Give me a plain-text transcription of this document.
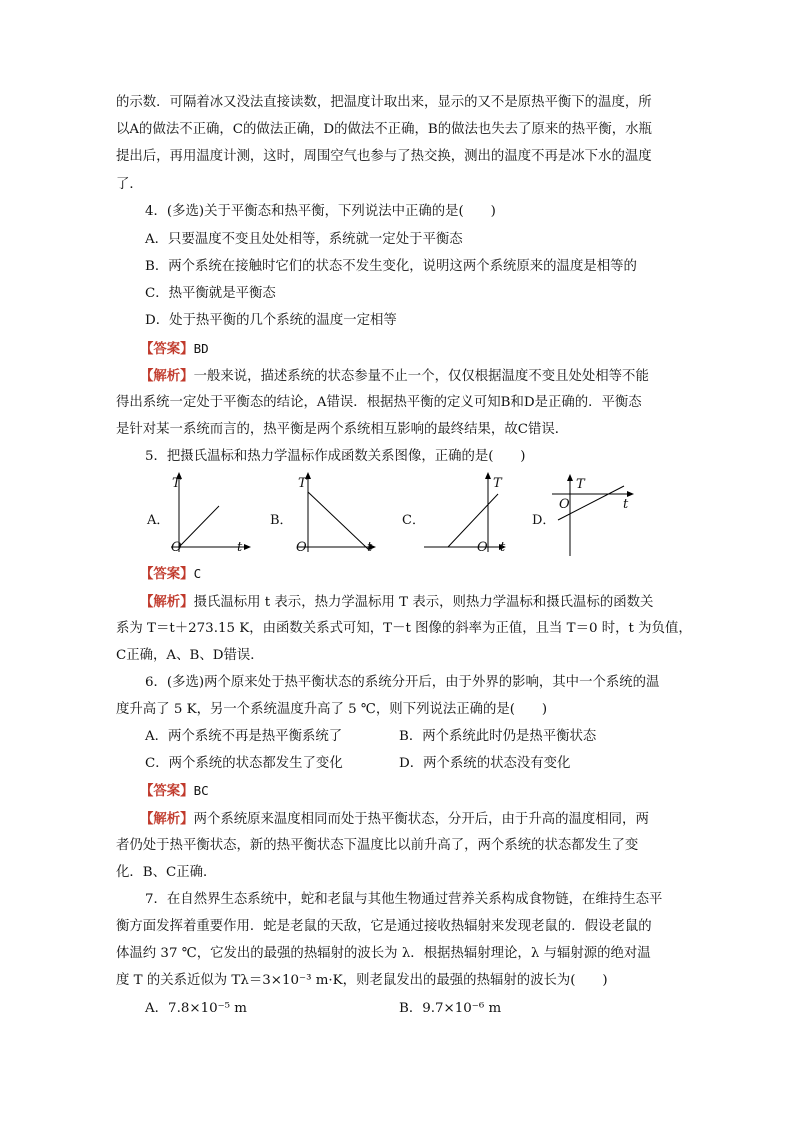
的示数．可隔着冰又没法直接读数，把温度计取出来，显示的又不是原热平衡下的温度，所
以A的做法不正确，C的做法正确，D的做法不正确，B的做法也失去了原来的热平衡，水瓶
提出后，再用温度计测，这时，周围空气也参与了热交换，测出的温度不再是冰下水的温度
了．
4．(多选)关于平衡态和热平衡，下列说法中正确的是(　　)
A．只要温度不变且处处相等，系统就一定处于平衡态
B．两个系统在接触时它们的状态不发生变化，说明这两个系统原来的温度是相等的
C．热平衡就是平衡态
D．处于热平衡的几个系统的温度一定相等
【答案】BD
【解析】一般来说，描述系统的状态参量不止一个，仅仅根据温度不变且处处相等不能
得出系统一定处于平衡态的结论，A错误．根据热平衡的定义可知B和D是正确的．平衡态
是针对某一系统而言的，热平衡是两个系统相互影响的最终结果，故C错误．
5．把摄氏温标和热力学温标作成函数关系图像，正确的是(　　)
A．
T
O	t
B．
T
O	t
C．
T
O t
D．
T
O	t
【答案】C
【解析】摄氏温标用 t 表示，热力学温标用 T 表示，则热力学温标和摄氏温标的函数关
系为 T＝t＋273.15 K，由函数关系式可知，T－t 图像的斜率为正值，且当 T＝0 时，t 为负值，
C正确，A、B、D错误．
6．(多选)两个原来处于热平衡状态的系统分开后，由于外界的影响，其中一个系统的温
度升高了 5 K，另一个系统温度升高了 5 ℃，则下列说法正确的是(　　)
A．两个系统不再是热平衡系统了	B．两个系统此时仍是热平衡状态
C．两个系统的状态都发生了变化	D．两个系统的状态没有变化
【答案】BC
【解析】两个系统原来温度相同而处于热平衡状态，分开后，由于升高的温度相同，两
者仍处于热平衡状态，新的热平衡状态下温度比以前升高了，两个系统的状态都发生了变
化．B、C正确．
7．在自然界生态系统中，蛇和老鼠与其他生物通过营养关系构成食物链，在维持生态平
衡方面发挥着重要作用．蛇是老鼠的天敌，它是通过接收热辐射来发现老鼠的．假设老鼠的
体温约 37 ℃，它发出的最强的热辐射的波长为 λ．根据热辐射理论，λ 与辐射源的绝对温
度 T 的关系近似为 Tλ＝3×10⁻³ m·K，则老鼠发出的最强的热辐射的波长为(　　)
A．7.8×10⁻⁵ m	B．9.7×10⁻⁶ m
